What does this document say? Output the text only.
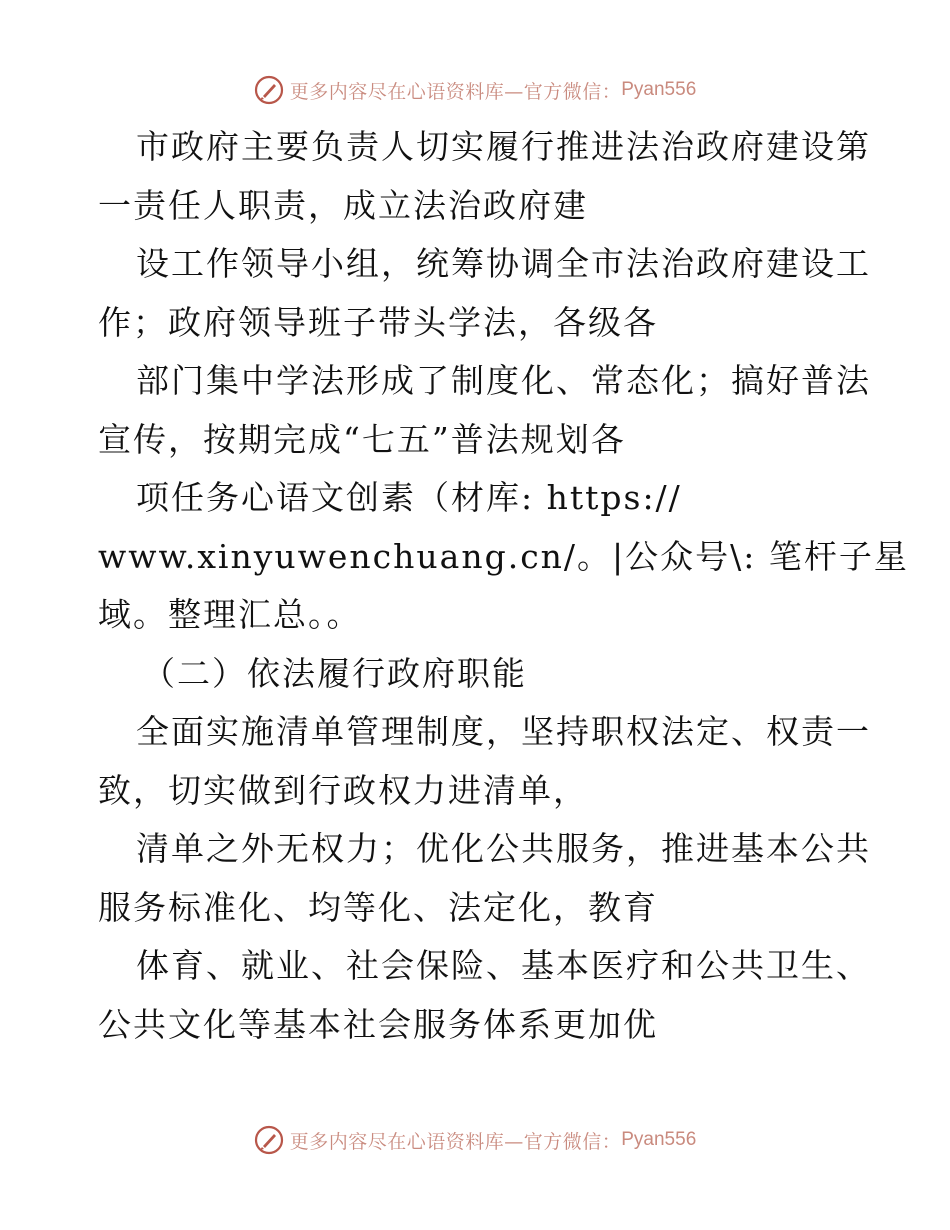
更多内容尽在心语资料库—官方微信： Pyan556
市政府主要负责人切实履行推进法治政府建设第
一责任人职责，成立法治政府建
设工作领导小组，统筹协调全市法治政府建设工
作；政府领导班子带头学法，各级各
部门集中学法形成了制度化、常态化；搞好普法
宣传，按期完成“七五”普法规划各
项任务心语文创素（材库: https://
www.xinyuwenchuang.cn/。|公众号\: 笔杆子星
域。整理汇总。。
（二）依法履行政府职能
全面实施清单管理制度，坚持职权法定、权责一
致，切实做到行政权力进清单，
清单之外无权力；优化公共服务，推进基本公共
服务标准化、均等化、法定化，教育
体育、就业、社会保险、基本医疗和公共卫生、
公共文化等基本社会服务体系更加优
更多内容尽在心语资料库—官方微信： Pyan556
